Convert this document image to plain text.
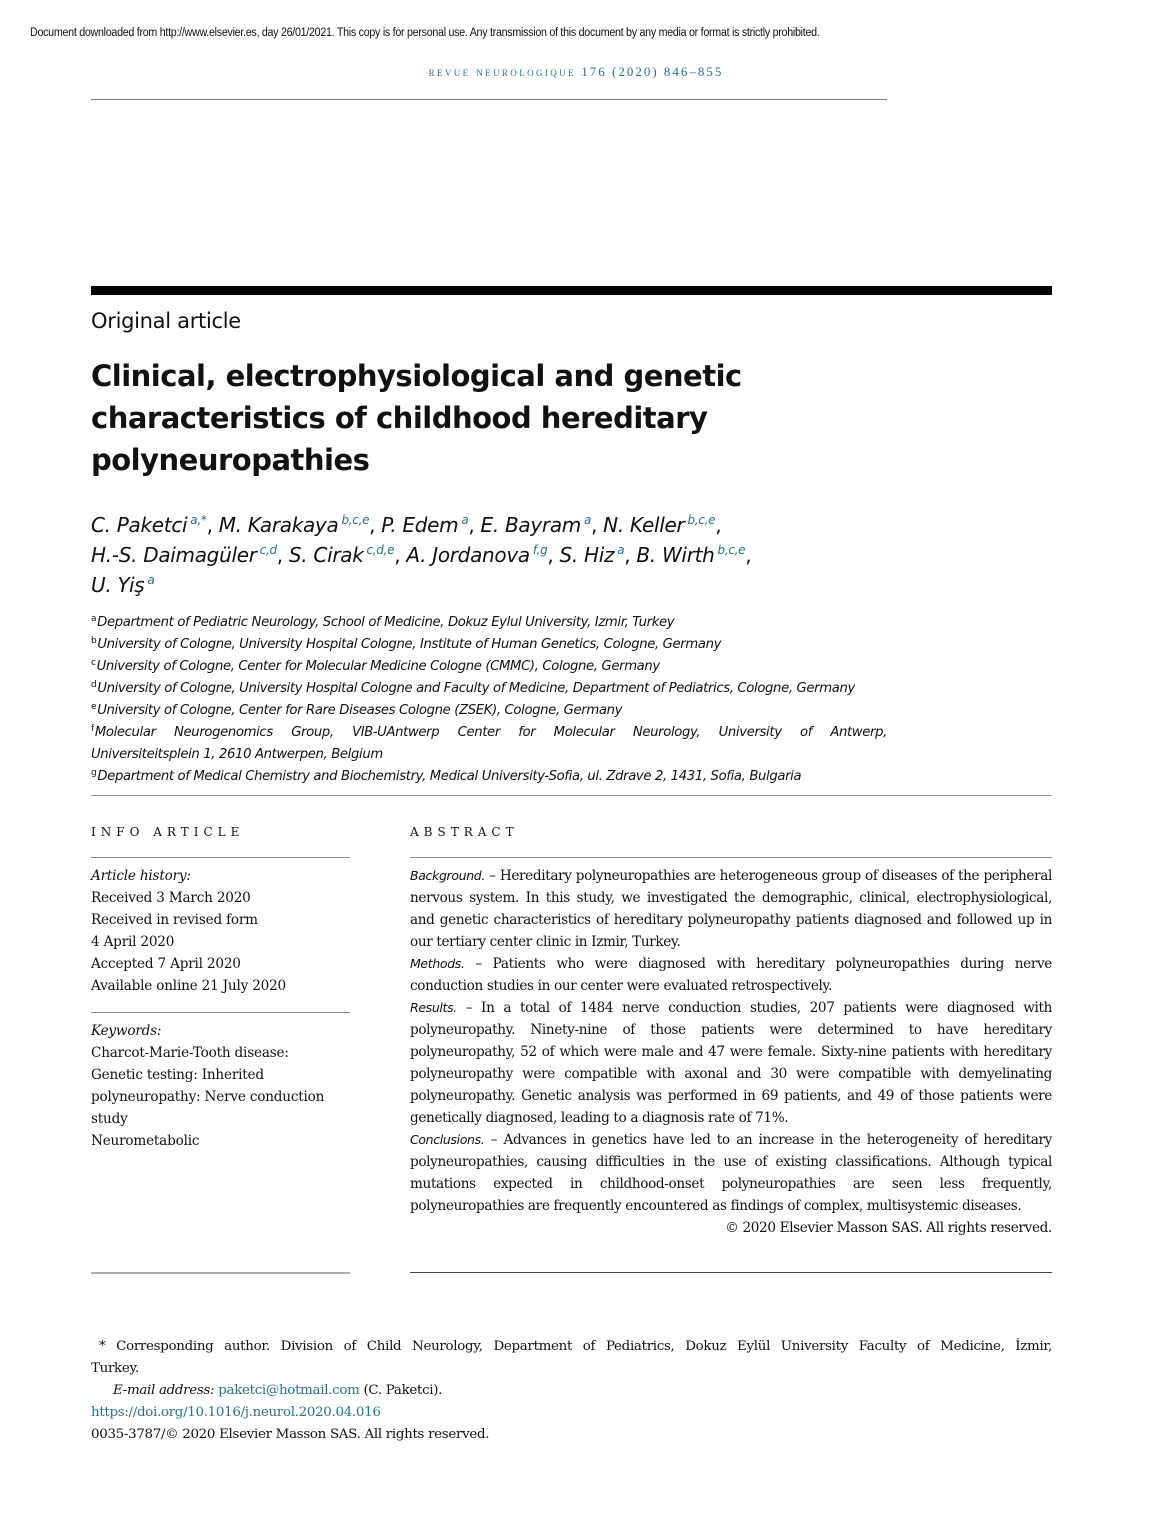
Document downloaded from http://www.elsevier.es, day 26/01/2021. This copy is for personal use. Any transmission of this document by any media or format is strictly prohibited.
revue neurologique 176 (2020) 846–855
Original article
Clinical, electrophysiological and genetic characteristics of childhood hereditary polyneuropathies
C. Paketci $^{a,*}$, M. Karakaya $^{b,c,e}$, P. Edem $^a$, E. Bayram $^a$, N. Keller $^{b,c,e}$,
H.-S. Daimagüler $^{c,d}$, S. Cirak $^{c,d,e}$, A. Jordanova $^{f,g}$, S. Hiz $^a$, B. Wirth $^{b,c,e}$,
U. Yiş $^a$
$^a$Department of Pediatric Neurology, School of Medicine, Dokuz Eylul University, Izmir, Turkey
$^b$University of Cologne, University Hospital Cologne, Institute of Human Genetics, Cologne, Germany
$^c$University of Cologne, Center for Molecular Medicine Cologne (CMMC), Cologne, Germany
$^d$University of Cologne, University Hospital Cologne and Faculty of Medicine, Department of Pediatrics, Cologne, Germany
$^e$University of Cologne, Center for Rare Diseases Cologne (ZSEK), Cologne, Germany
$^f$Molecular Neurogenomics Group, VIB-UAntwerp Center for Molecular Neurology, University of Antwerp,
Universiteitsplein 1, 2610 Antwerpen, Belgium
$^g$Department of Medical Chemistry and Biochemistry, Medical University-Sofia, ul. Zdrave 2, 1431, Sofia, Bulgaria
INFO ARTICLE	ABSTRACT
Article history:
Received 3 March 2020
Received in revised form
4 April 2020
Accepted 7 April 2020
Available online 21 July 2020
Keywords:
Charcot-Marie-Tooth disease:
Genetic testing: Inherited
polyneuropathy: Nerve conduction
study
Neurometabolic

Background. – Hereditary polyneuropathies are heterogeneous group of diseases of the peripheral nervous system. In this study, we investigated the demographic, clinical, electrophysiological, and genetic characteristics of hereditary polyneuropathy patients diagnosed and followed up in our tertiary center clinic in Izmir, Turkey.

Methods. – Patients who were diagnosed with hereditary polyneuropathies during nerve conduction studies in our center were evaluated retrospectively.

Results. – In a total of 1484 nerve conduction studies, 207 patients were diagnosed with polyneuropathy. Ninety-nine of those patients were determined to have hereditary polyneuropathy, 52 of which were male and 47 were female. Sixty-nine patients with hereditary polyneuropathy were compatible with axonal and 30 were compatible with demyelinating polyneuropathy. Genetic analysis was performed in 69 patients, and 49 of those patients were genetically diagnosed, leading to a diagnosis rate of 71%.

Conclusions. – Advances in genetics have led to an increase in the heterogeneity of hereditary polyneuropathies, causing difficulties in the use of existing classifications. Although typical mutations expected in childhood-onset polyneuropathies are seen less frequently, polyneuropathies are frequently encountered as findings of complex, multisystemic diseases.

© 2020 Elsevier Masson SAS. All rights reserved.

* Corresponding author. Division of Child Neurology, Department of Pediatrics, Dokuz Eylül University Faculty of Medicine, İzmir,
Turkey.
E-mail address: paketci@hotmail.com (C. Paketci).
https://doi.org/10.1016/j.neurol.2020.04.016
0035-3787/© 2020 Elsevier Masson SAS. All rights reserved.
